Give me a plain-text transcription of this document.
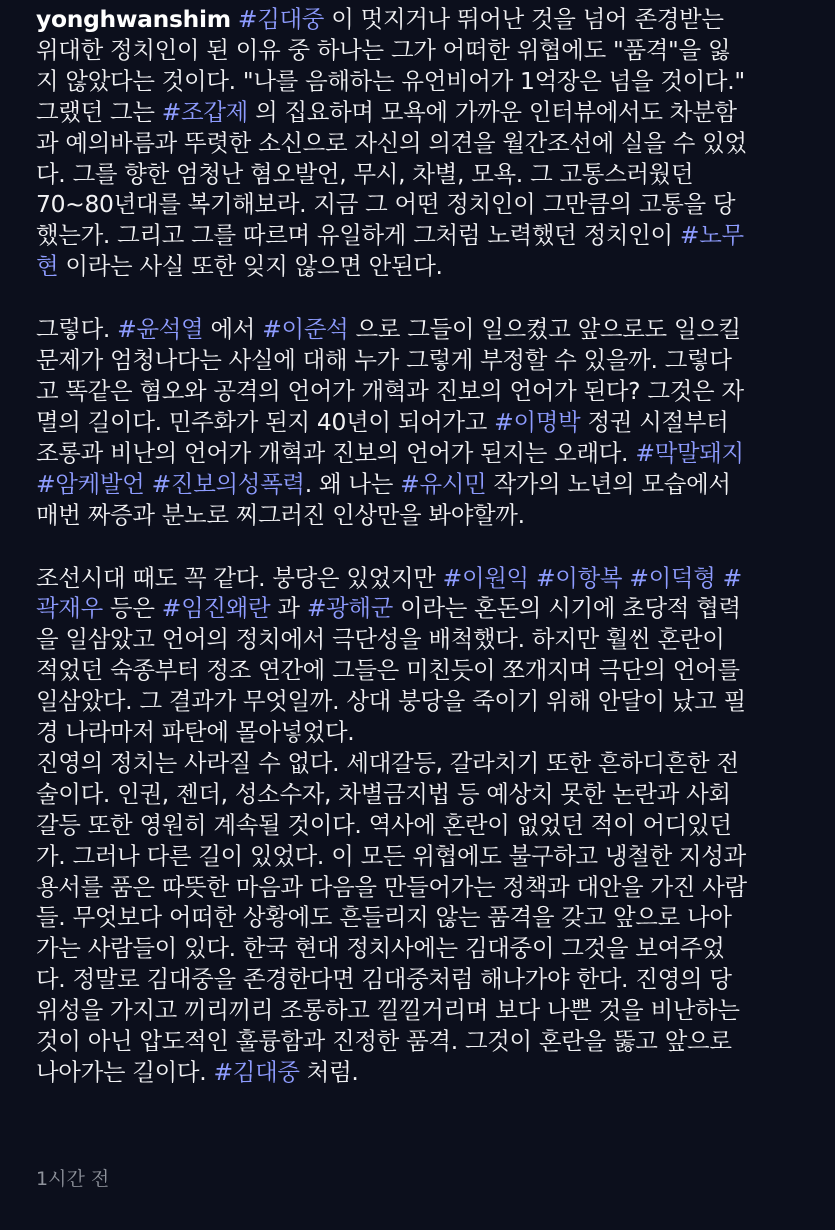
yonghwanshim #김대중 이 멋지거나 뛰어난 것을 넘어 존경받는
위대한 정치인이 된 이유 중 하나는 그가 어떠한 위협에도 "품격"을 잃
지 않았다는 것이다. "나를 음해하는 유언비어가 1억장은 넘을 것이다."
그랬던 그는 #조갑제 의 집요하며 모욕에 가까운 인터뷰에서도 차분함
과 예의바름과 뚜렷한 소신으로 자신의 의견을 월간조선에 실을 수 있었
다. 그를 향한 엄청난 혐오발언, 무시, 차별, 모욕. 그 고통스러웠던
70~80년대를 복기해보라. 지금 그 어떤 정치인이 그만큼의 고통을 당
했는가. 그리고 그를 따르며 유일하게 그처럼 노력했던 정치인이 #노무
현 이라는 사실 또한 잊지 않으면 안된다.
그렇다. #윤석열 에서 #이준석 으로 그들이 일으켰고 앞으로도 일으킬
문제가 엄청나다는 사실에 대해 누가 그렇게 부정할 수 있을까. 그렇다
고 똑같은 혐오와 공격의 언어가 개혁과 진보의 언어가 된다? 그것은 자
멸의 길이다. 민주화가 된지 40년이 되어가고 #이명박 정권 시절부터
조롱과 비난의 언어가 개혁과 진보의 언어가 된지는 오래다. #막말돼지
#암케발언 #진보의성폭력. 왜 나는 #유시민 작가의 노년의 모습에서
매번 짜증과 분노로 찌그러진 인상만을 봐야할까.
조선시대 때도 꼭 같다. 붕당은 있었지만 #이원익 #이항복 #이덕형 #
곽재우 등은 #임진왜란 과 #광해군 이라는 혼돈의 시기에 초당적 협력
을 일삼았고 언어의 정치에서 극단성을 배척했다. 하지만 훨씬 혼란이
적었던 숙종부터 정조 연간에 그들은 미친듯이 쪼개지며 극단의 언어를
일삼았다. 그 결과가 무엇일까. 상대 붕당을 죽이기 위해 안달이 났고 필
경 나라마저 파탄에 몰아넣었다.
진영의 정치는 사라질 수 없다. 세대갈등, 갈라치기 또한 흔하디흔한 전
술이다. 인권, 젠더, 성소수자, 차별금지법 등 예상치 못한 논란과 사회
갈등 또한 영원히 계속될 것이다. 역사에 혼란이 없었던 적이 어디있던
가. 그러나 다른 길이 있었다. 이 모든 위협에도 불구하고 냉철한 지성과
용서를 품은 따뜻한 마음과 다음을 만들어가는 정책과 대안을 가진 사람
들. 무엇보다 어떠한 상황에도 흔들리지 않는 품격을 갖고 앞으로 나아
가는 사람들이 있다. 한국 현대 정치사에는 김대중이 그것을 보여주었
다. 정말로 김대중을 존경한다면 김대중처럼 해나가야 한다. 진영의 당
위성을 가지고 끼리끼리 조롱하고 낄낄거리며 보다 나쁜 것을 비난하는
것이 아닌 압도적인 훌륭함과 진정한 품격. 그것이 혼란을 뚫고 앞으로
나아가는 길이다. #김대중 처럼.
1시간 전
